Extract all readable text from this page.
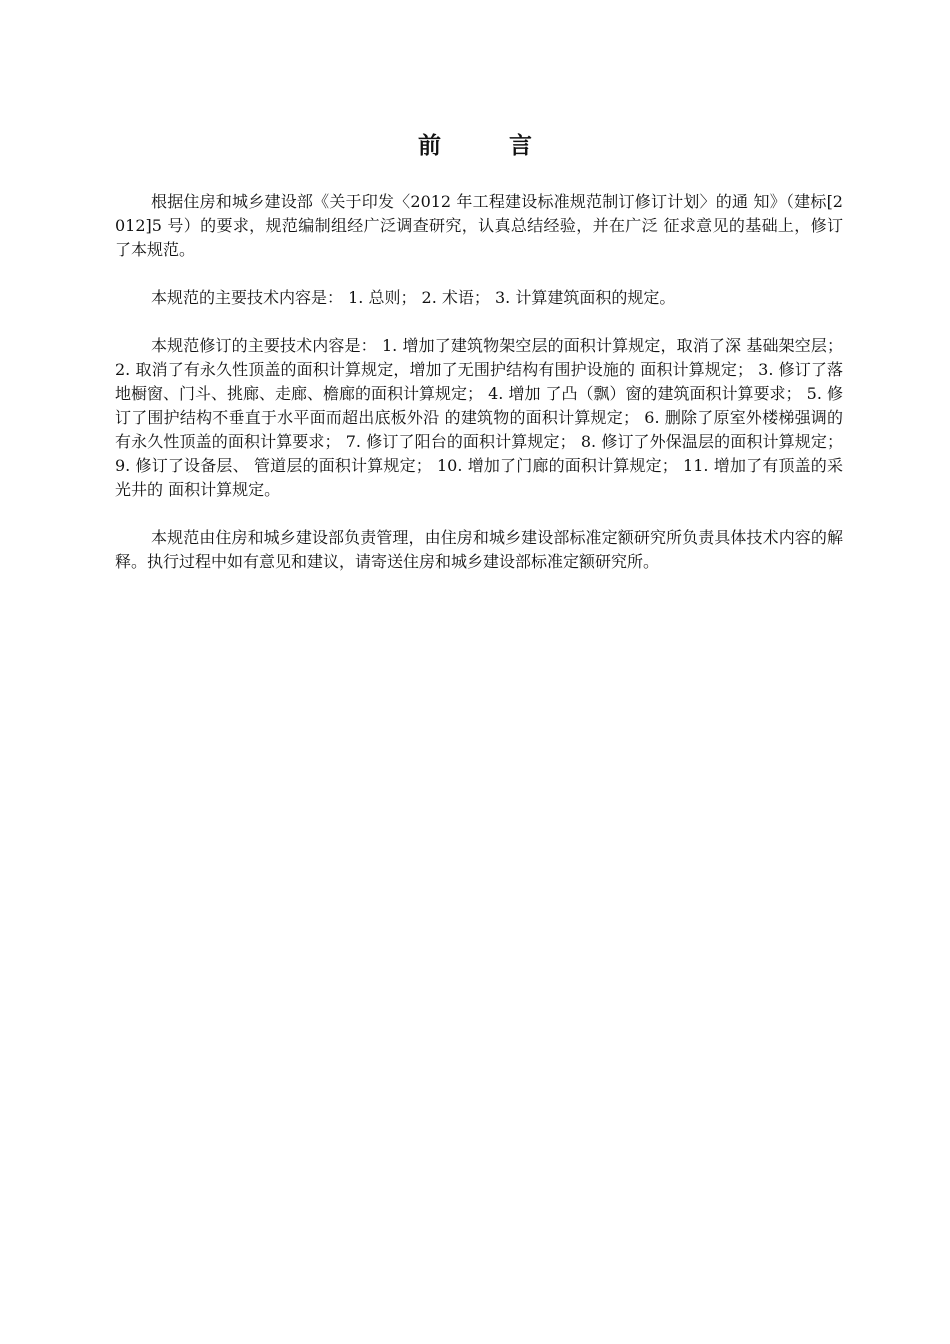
前 言

根据住房和城乡建设部《关于印发〈2012 年工程建设标准规范制订修订计划〉的通 知》（建标[2012]5 号）的要求，规范编制组经广泛调查研究，认真总结经验，并在广泛 征求意见的基础上，修订了本规范。

本规范的主要技术内容是： 1. 总则； 2. 术语； 3. 计算建筑面积的规定。

本规范修订的主要技术内容是： 1. 增加了建筑物架空层的面积计算规定，取消了深 基础架空层； 2. 取消了有永久性顶盖的面积计算规定，增加了无围护结构有围护设施的 面积计算规定； 3. 修订了落地橱窗、门斗、挑廊、走廊、檐廊的面积计算规定； 4. 增加 了凸（飘）窗的建筑面积计算要求； 5. 修订了围护结构不垂直于水平面而超出底板外沿 的建筑物的面积计算规定； 6. 删除了原室外楼梯强调的有永久性顶盖的面积计算要求； 7. 修订了阳台的面积计算规定； 8. 修订了外保温层的面积计算规定； 9. 修订了设备层、 管道层的面积计算规定； 10. 增加了门廊的面积计算规定； 11. 增加了有顶盖的采光井的 面积计算规定。

本规范由住房和城乡建设部负责管理，由住房和城乡建设部标准定额研究所负责具体技术内容的解释。执行过程中如有意见和建议，请寄送住房和城乡建设部标准定额研究所。
